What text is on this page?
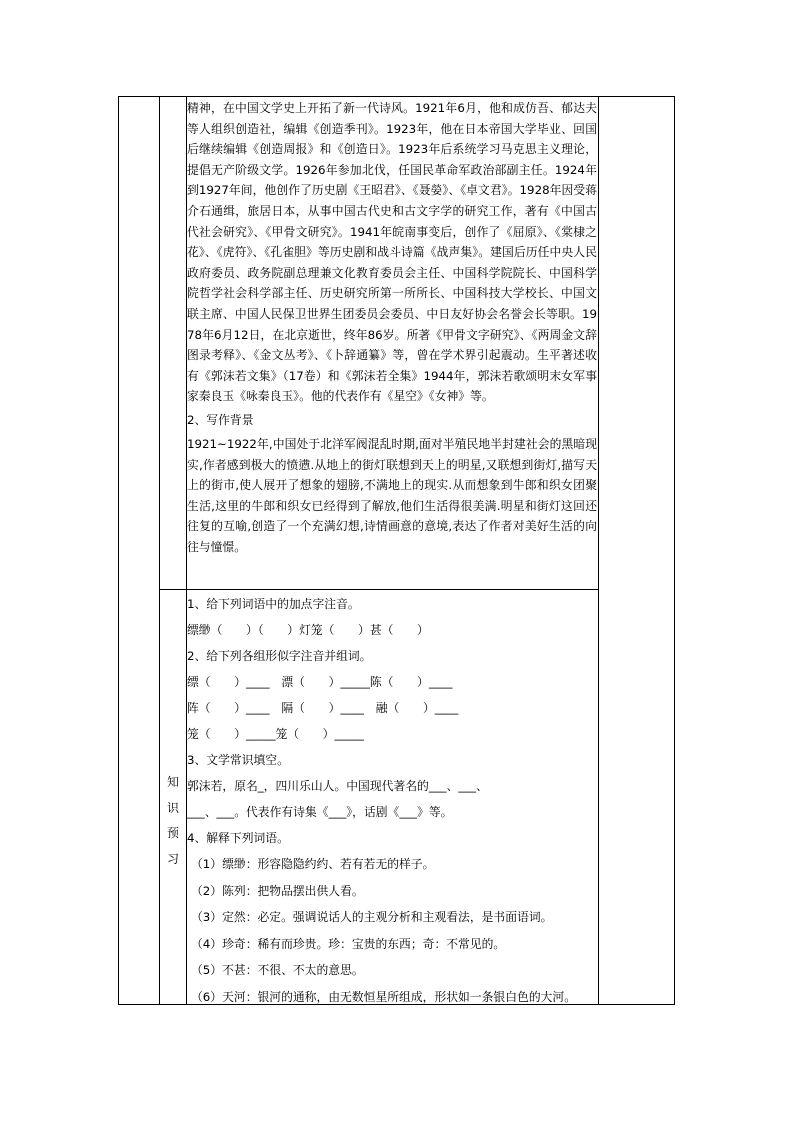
精神，在中国文学史上开拓了新一代诗风。1921年6月，他和成仿吾、郁达夫等人组织创造社，编辑《创造季刊》。1923年，他在日本帝国大学毕业、回国后继续编辑《创造周报》和《创造日》。1923年后系统学习马克思主义理论，提倡无产阶级文学。1926年参加北伐，任国民革命军政治部副主任。1924年到1927年间，他创作了历史剧《王昭君》、《聂嫈》、《卓文君》。1928年因受蒋介石通缉，旅居日本，从事中国古代史和古文字学的研究工作，著有《中国古代社会研究》、《甲骨文研究》。1941年皖南事变后，创作了《屈原》、《棠棣之花》、《虎符》、《孔雀胆》等历史剧和战斗诗篇《战声集》。建国后历任中央人民政府委员、政务院副总理兼文化教育委员会主任、中国科学院院长、中国科学院哲学社会科学部主任、历史研究所第一所所长、中国科技大学校长、中国文联主席、中国人民保卫世界生团委员会委员、中日友好协会名誉会长等职。1978年6月12日，在北京逝世，终年86岁。所著《甲骨文字研究》、《两周金文辞图录考释》、《金文丛考》、《卜辞通纂》等，曾在学术界引起震动。生平著述收有《郭沫若文集》（17卷）和《郭沫若全集》1944年，郭沫若歌颂明末女军事家秦良玉《咏秦良玉》。他的代表作有《星空》《女神》等。

2、写作背景

1921~1922年,中国处于北洋军阀混乱时期,面对半殖民地半封建社会的黑暗现实,作者感到极大的愤懑.从地上的街灯联想到天上的明星,又联想到街灯,描写天上的街市,使人展开了想象的翅膀,不满地上的现实.从而想象到牛郎和织女团聚生活,这里的牛郎和织女已经得到了解放,他们生活得很美满.明星和街灯这回还往复的互喻,创造了一个充满幻想,诗情画意的意境,表达了作者对美好生活的向往与憧憬。

知
识
预
习

1、给下列词语中的加点字注音。

缥缈（　　）（　　）灯笼（　　）甚（　　）

2、给下列各组形似字注音并组词。

缥（　　）____　漂（　　）_____陈（　　）____

阵（　　）____　隔（　　）____　融（　　）____

笼（　　）_____笼（　　）_____

3、文学常识填空。

郭沫若，原名_，四川乐山人。中国现代著名的___、___、

___、___。代表作有诗集《___》，话剧《___》等。

4、解释下列词语。

（1）缥缈：形容隐隐约约、若有若无的样子。

（2）陈列：把物品摆出供人看。

（3）定然：必定。强调说话人的主观分析和主观看法，是书面语词。

（4）珍奇：稀有而珍贵。珍：宝贵的东西；奇：不常见的。

（5）不甚：不很、不太的意思。

（6）天河：银河的通称，由无数恒星所组成，形状如一条银白色的大河。
